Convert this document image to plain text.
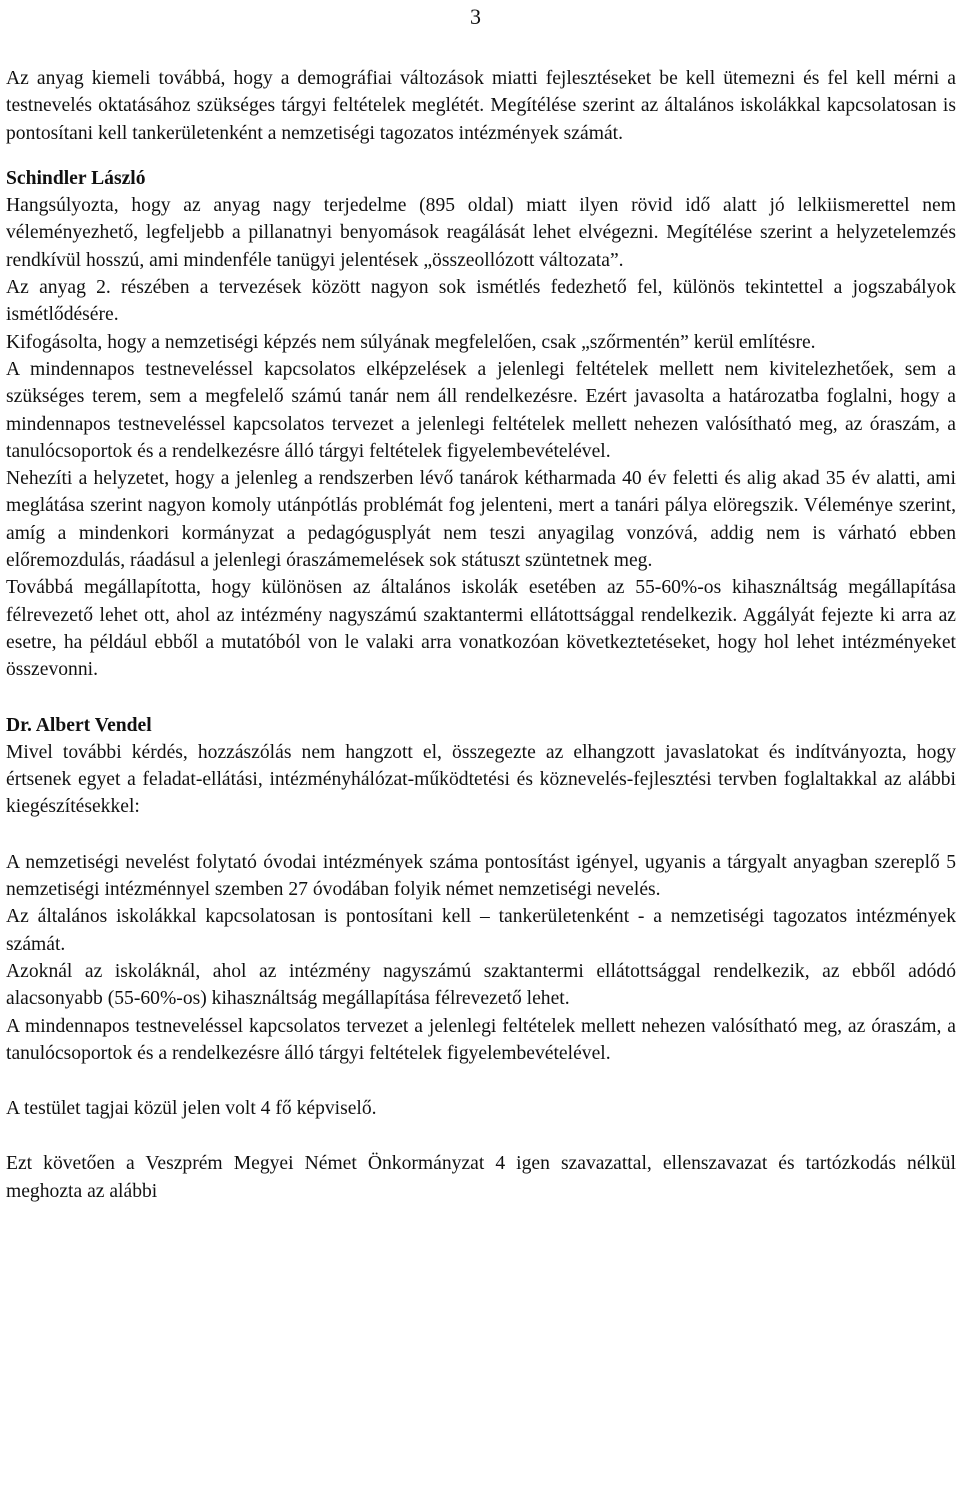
3

Az anyag kiemeli továbbá, hogy a demográfiai változások miatti fejlesztéseket be kell ütemezni és fel kell mérni a testnevelés oktatásához szükséges tárgyi feltételek meglétét. Megítélése szerint az általános iskolákkal kapcsolatosan is pontosítani kell tankerületenként a nemzetiségi tagozatos intézmények számát.

Schindler László

Hangsúlyozta, hogy az anyag nagy terjedelme (895 oldal) miatt ilyen rövid idő alatt jó lelkiismerettel nem véleményezhető, legfeljebb a pillanatnyi benyomások reagálását lehet elvégezni. Megítélése szerint a helyzetelemzés rendkívül hosszú, ami mindenféle tanügyi jelentések „összeollózott változata”.

Az anyag 2. részében a tervezések között nagyon sok ismétlés fedezhető fel, különös tekintettel a jogszabályok ismétlődésére.

Kifogásolta, hogy a nemzetiségi képzés nem súlyának megfelelően, csak „szőrmentén” kerül említésre.

A mindennapos testneveléssel kapcsolatos elképzelések a jelenlegi feltételek mellett nem kivitelezhetőek, sem a szükséges terem, sem a megfelelő számú tanár nem áll rendelkezésre. Ezért javasolta a határozatba foglalni, hogy a mindennapos testneveléssel kapcsolatos tervezet a jelenlegi feltételek mellett nehezen valósítható meg, az óraszám, a tanulócsoportok és a rendelkezésre álló tárgyi feltételek figyelembevételével.

Nehezíti a helyzetet, hogy a jelenleg a rendszerben lévő tanárok kétharmada 40 év feletti és alig akad 35 év alatti, ami meglátása szerint nagyon komoly utánpótlás problémát fog jelenteni, mert a tanári pálya elöregszik. Véleménye szerint, amíg a mindenkori kormányzat a pedagógusplyát nem teszi anyagilag vonzóvá, addig nem is várható ebben előremozdulás, ráadásul a jelenlegi óraszámemelések sok státuszt szüntetnek meg.

Továbbá megállapította, hogy különösen az általános iskolák esetében az 55-60%-os kihasználtság megállapítása félrevezető lehet ott, ahol az intézmény nagyszámú szaktantermi ellátottsággal rendelkezik. Aggályát fejezte ki arra az esetre, ha például ebből a mutatóból von le valaki arra vonatkozóan következtetéseket, hogy hol lehet intézményeket összevonni.

Dr. Albert Vendel

Mivel további kérdés, hozzászólás nem hangzott el, összegezte az elhangzott javaslatokat és indítványozta, hogy értsenek egyet a feladat-ellátási, intézményhálózat-működtetési és köznevelés-fejlesztési tervben foglaltakkal az alábbi kiegészítésekkel:

A nemzetiségi nevelést folytató óvodai intézmények száma pontosítást igényel, ugyanis a tárgyalt anyagban szereplő 5 nemzetiségi intézménnyel szemben 27 óvodában folyik német nemzetiségi nevelés.

Az általános iskolákkal kapcsolatosan is pontosítani kell – tankerületenként - a nemzetiségi tagozatos intézmények számát.

Azoknál az iskoláknál, ahol az intézmény nagyszámú szaktantermi ellátottsággal rendelkezik, az ebből adódó alacsonyabb (55-60%-os) kihasználtság megállapítása félrevezető lehet.

A mindennapos testneveléssel kapcsolatos tervezet a jelenlegi feltételek mellett nehezen valósítható meg, az óraszám, a tanulócsoportok és a rendelkezésre álló tárgyi feltételek figyelembevételével.

A testület tagjai közül jelen volt 4 fő képviselő.

Ezt követően a Veszprém Megyei Német Önkormányzat 4 igen szavazattal, ellenszavazat és tartózkodás nélkül meghozta az alábbi
